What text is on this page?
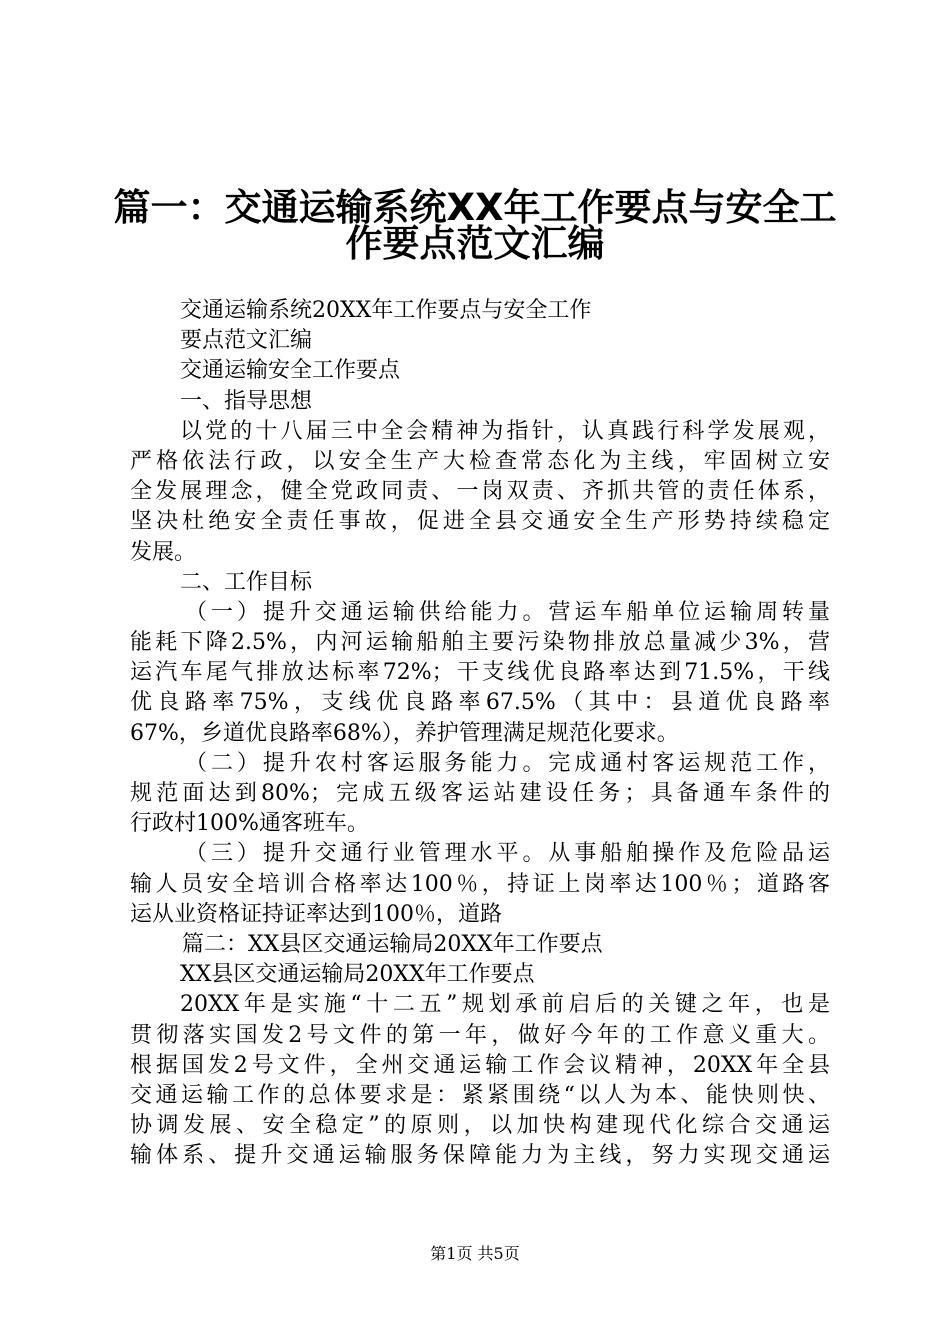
篇一：交通运输系统XX年工作要点与安全工
作要点范文汇编
交通运输系统20XX年工作要点与安全工作
要点范文汇编
交通运输安全工作要点
一、指导思想
以党的十八届三中全会精神为指针，认真践行科学发展观，
严格依法行政，以安全生产大检查常态化为主线，牢固树立安
全发展理念，健全党政同责、一岗双责、齐抓共管的责任体系，
坚决杜绝安全责任事故，促进全县交通安全生产形势持续稳定
发展。
二、工作目标
（一）提升交通运输供给能力。营运车船单位运输周转量
能耗下降2.5%，内河运输船舶主要污染物排放总量减少3%，营
运汽车尾气排放达标率72%；干支线优良路率达到71.5%，干线
优良路率75%，支线优良路率67.5%（其中：县道优良路率
67%，乡道优良路率68%），养护管理满足规范化要求。
（二）提升农村客运服务能力。完成通村客运规范工作，
规范面达到80%；完成五级客运站建设任务；具备通车条件的
行政村100%通客班车。
（三）提升交通行业管理水平。从事船舶操作及危险品运
输人员安全培训合格率达100％，持证上岗率达100％；道路客
运从业资格证持证率达到100％，道路
篇二：XX县区交通运输局20XX年工作要点
XX县区交通运输局20XX年工作要点
20XX年是实施“十二五”规划承前启后的关键之年，也是
贯彻落实国发2号文件的第一年，做好今年的工作意义重大。
根据国发2号文件，全州交通运输工作会议精神，20XX年全县
交通运输工作的总体要求是：紧紧围绕“以人为本、能快则快、
协调发展、安全稳定”的原则，以加快构建现代化综合交通运
输体系、提升交通运输服务保障能力为主线，努力实现交通运
第1页 共5页
